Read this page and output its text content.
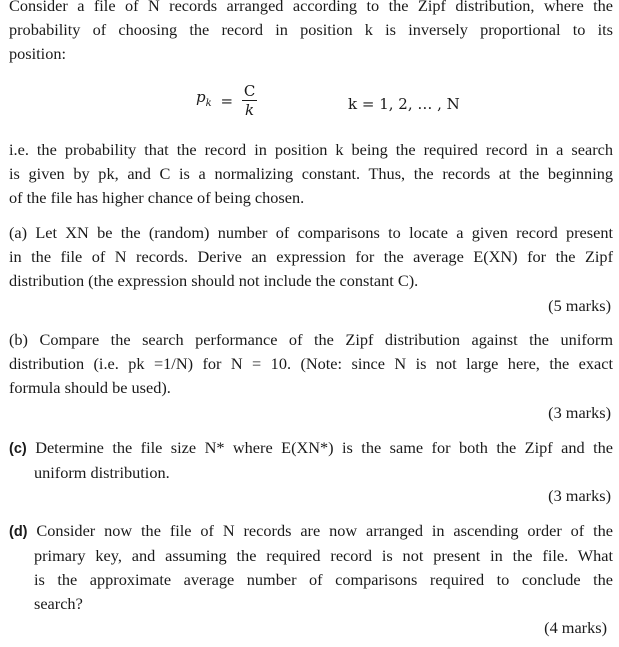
Consider a file of N records arranged according to the Zipf distribution, where the
probability of choosing the record in position k is inversely proportional to its
position:
$p_k = \frac{C}{k}$	k = 1, 2, … , N
i.e. the probability that the record in position k being the required record in a search
is given by pk, and C is a normalizing constant. Thus, the records at the beginning
of the file has higher chance of being chosen.
(a) Let XN be the (random) number of comparisons to locate a given record present
in the file of N records. Derive an expression for the average E(XN) for the Zipf
distribution (the expression should not include the constant C).
(5 marks)
(b) Compare the search performance of the Zipf distribution against the uniform
distribution (i.e. pk =1/N) for N = 10. (Note: since N is not large here, the exact
formula should be used).
(3 marks)
(c) Determine the file size N* where E(XN*) is the same for both the Zipf and the
uniform distribution.
(3 marks)
(d) Consider now the file of N records are now arranged in ascending order of the
primary key, and assuming the required record is not present in the file. What
is the approximate average number of comparisons required to conclude the
search?
(4 marks)
